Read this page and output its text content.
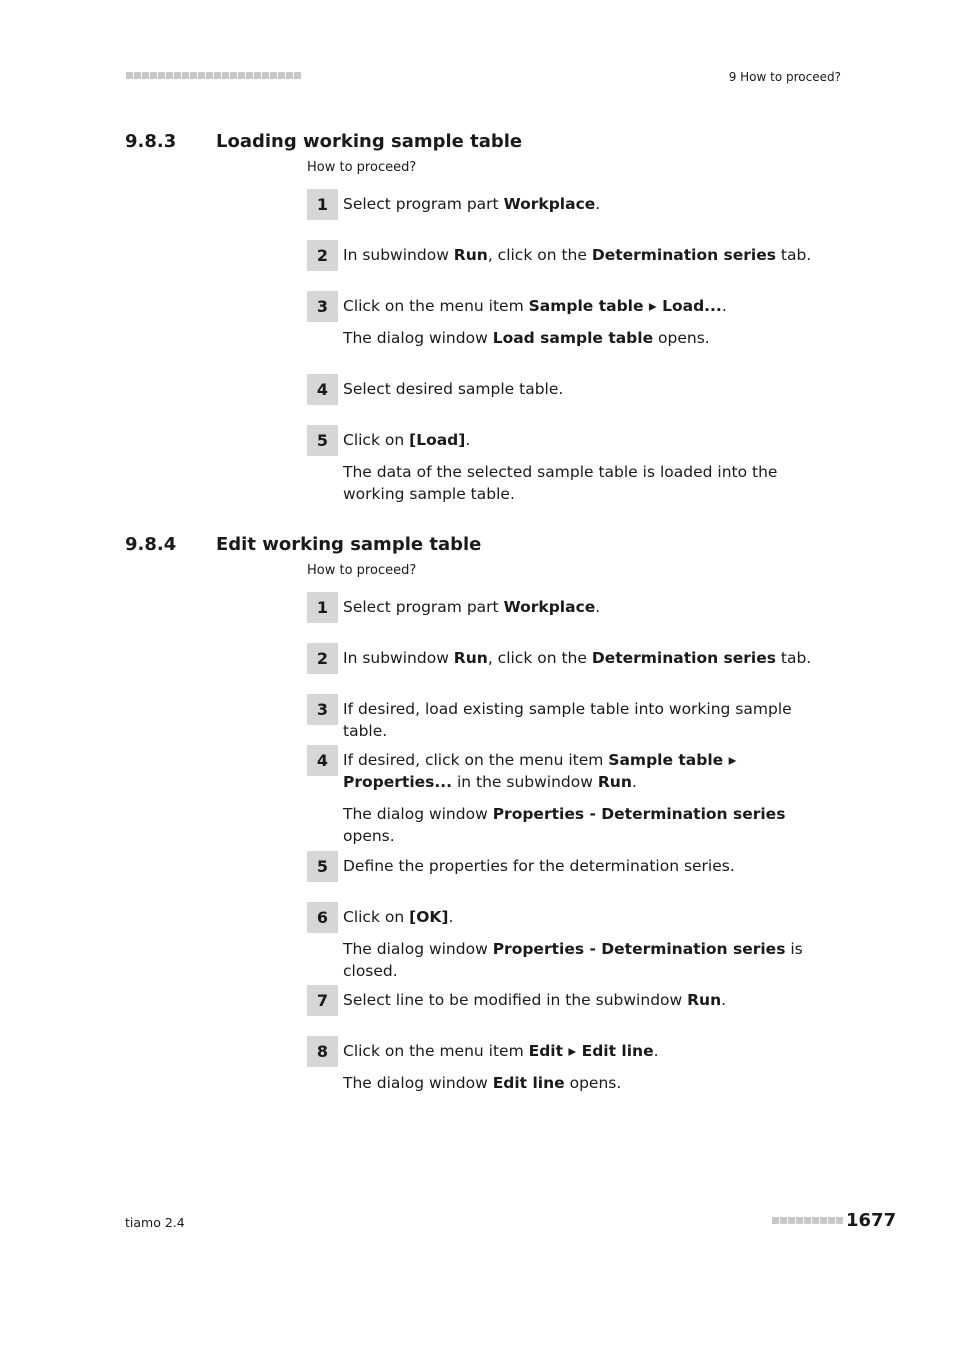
9 How to proceed?
9.8.3	Loading working sample table
How to proceed?
1 Select program part Workplace.
2 In subwindow Run, click on the Determination series tab.
3 Click on the menu item Sample table ▸ Load....
The dialog window Load sample table opens.
4 Select desired sample table.
5 Click on [Load].
The data of the selected sample table is loaded into the working sample table.
9.8.4	Edit working sample table
How to proceed?
1 Select program part Workplace.
2 In subwindow Run, click on the Determination series tab.
3 If desired, load existing sample table into working sample table.
4 If desired, click on the menu item Sample table ▸ Properties... in the subwindow Run.
The dialog window Properties - Determination series opens.
5 Define the properties for the determination series.
6 Click on [OK].
The dialog window Properties - Determination series is closed.
7 Select line to be modified in the subwindow Run.
8 Click on the menu item Edit ▸ Edit line.
The dialog window Edit line opens.
tiamo 2.4	1677
